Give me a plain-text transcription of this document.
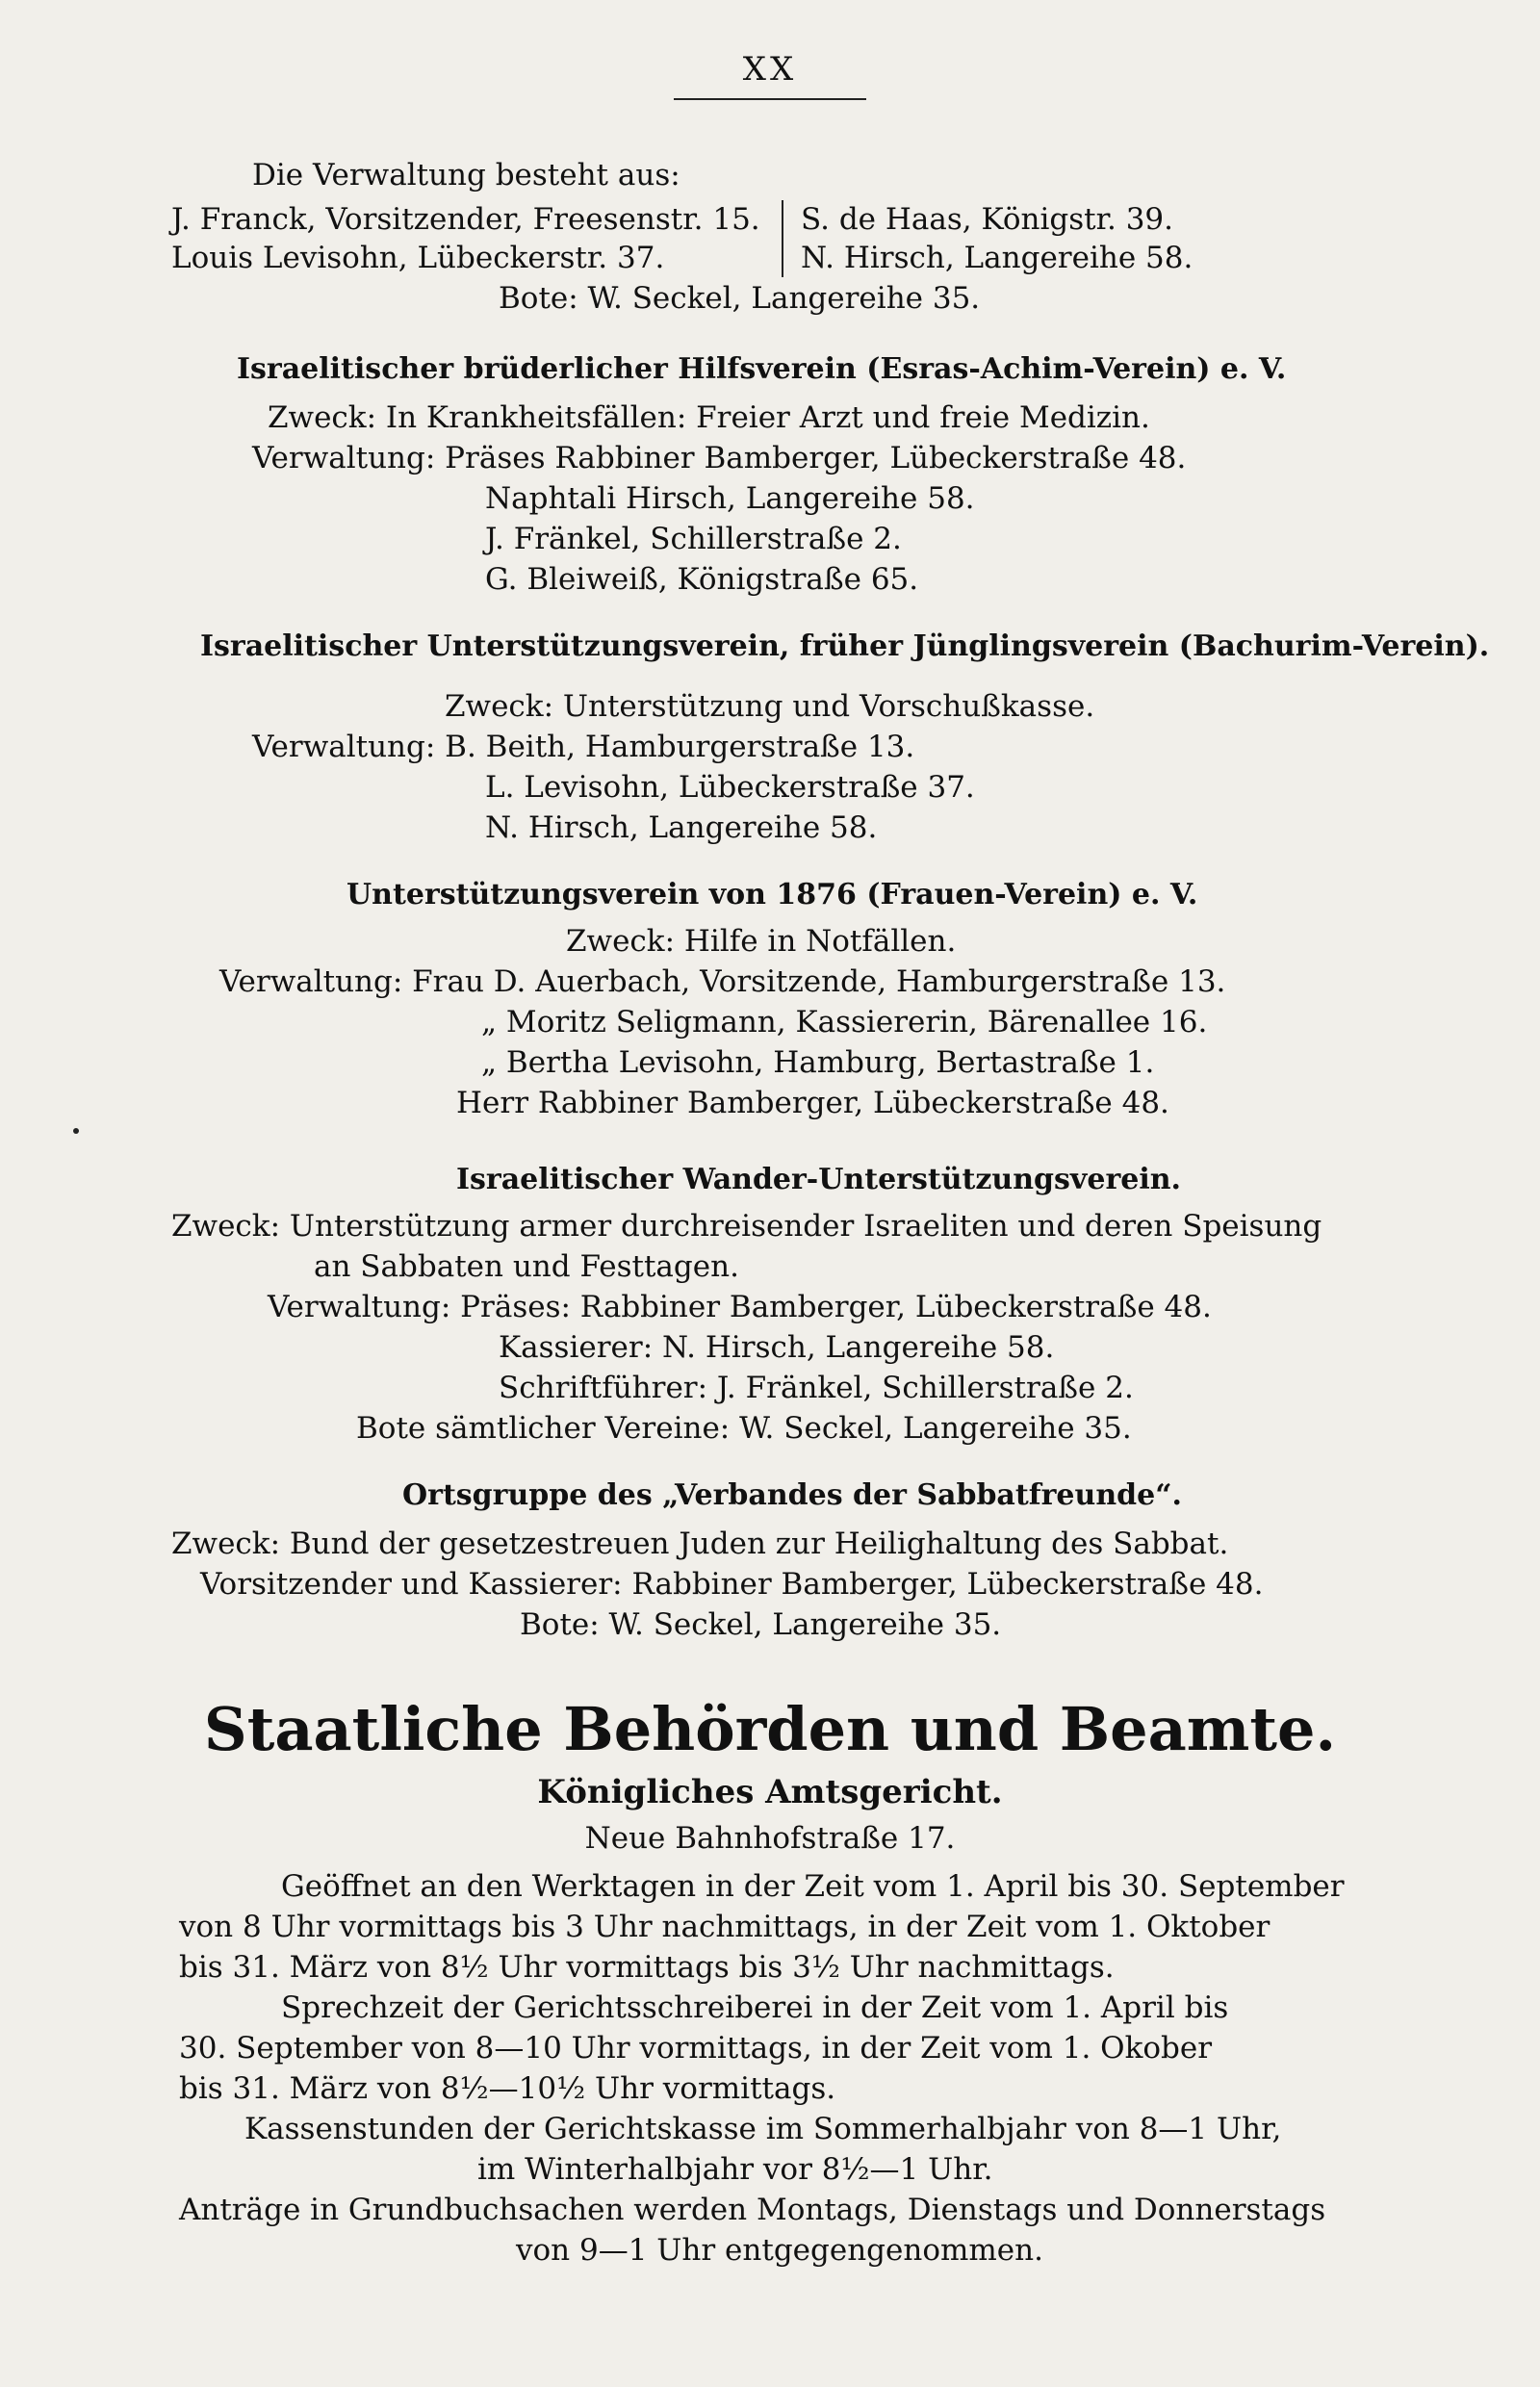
XX
Die Verwaltung besteht aus:
J. Franck, Vorsitzender, Freesenstr. 15.
Louis Levisohn, Lübeckerstr. 37.
S. de Haas, Königstr. 39.
N. Hirsch, Langereihe 58.
Bote: W. Seckel, Langereihe 35.
Israelitischer brüderlicher Hilfsverein (Esras-Achim-Verein) e. V.
Zweck: In Krankheitsfällen: Freier Arzt und freie Medizin.
Verwaltung: Präses Rabbiner Bamberger, Lübeckerstraße 48.
Naphtali Hirsch, Langereihe 58.
J. Fränkel, Schillerstraße 2.
G. Bleiweiß, Königstraße 65.
Israelitischer Unterstützungsverein, früher Jünglingsverein (Bachurim-Verein).
Zweck: Unterstützung und Vorschußkasse.
Verwaltung: B. Beith, Hamburgerstraße 13.
L. Levisohn, Lübeckerstraße 37.
N. Hirsch, Langereihe 58.
Unterstützungsverein von 1876 (Frauen-Verein) e. V.
Zweck: Hilfe in Notfällen.
Verwaltung: Frau D. Auerbach, Vorsitzende, Hamburgerstraße 13.
„ Moritz Seligmann, Kassiererin, Bärenallee 16.
„ Bertha Levisohn, Hamburg, Bertastraße 1.
Herr Rabbiner Bamberger, Lübeckerstraße 48.
Israelitischer Wander-Unterstützungsverein.
Zweck: Unterstützung armer durchreisender Israeliten und deren Speisung
an Sabbaten und Festtagen.
Verwaltung: Präses: Rabbiner Bamberger, Lübeckerstraße 48.
Kassierer: N. Hirsch, Langereihe 58.
Schriftführer: J. Fränkel, Schillerstraße 2.
Bote sämtlicher Vereine: W. Seckel, Langereihe 35.
Ortsgruppe des „Verbandes der Sabbatfreunde“.
Zweck: Bund der gesetzestreuen Juden zur Heilighaltung des Sabbat.
Vorsitzender und Kassierer: Rabbiner Bamberger, Lübeckerstraße 48.
Bote: W. Seckel, Langereihe 35.
Staatliche Behörden und Beamte.
Königliches Amtsgericht.
Neue Bahnhofstraße 17.
Geöffnet an den Werktagen in der Zeit vom 1. April bis 30. September
von 8 Uhr vormittags bis 3 Uhr nachmittags, in der Zeit vom 1. Oktober
bis 31. März von 8½ Uhr vormittags bis 3½ Uhr nachmittags.
Sprechzeit der Gerichtsschreiberei in der Zeit vom 1. April bis
30. September von 8—10 Uhr vormittags, in der Zeit vom 1. Okober
bis 31. März von 8½—10½ Uhr vormittags.
Kassenstunden der Gerichtskasse im Sommerhalbjahr von 8—1 Uhr,
im Winterhalbjahr vor 8½—1 Uhr.
Anträge in Grundbuchsachen werden Montags, Dienstags und Donnerstags
von 9—1 Uhr entgegengenommen.
